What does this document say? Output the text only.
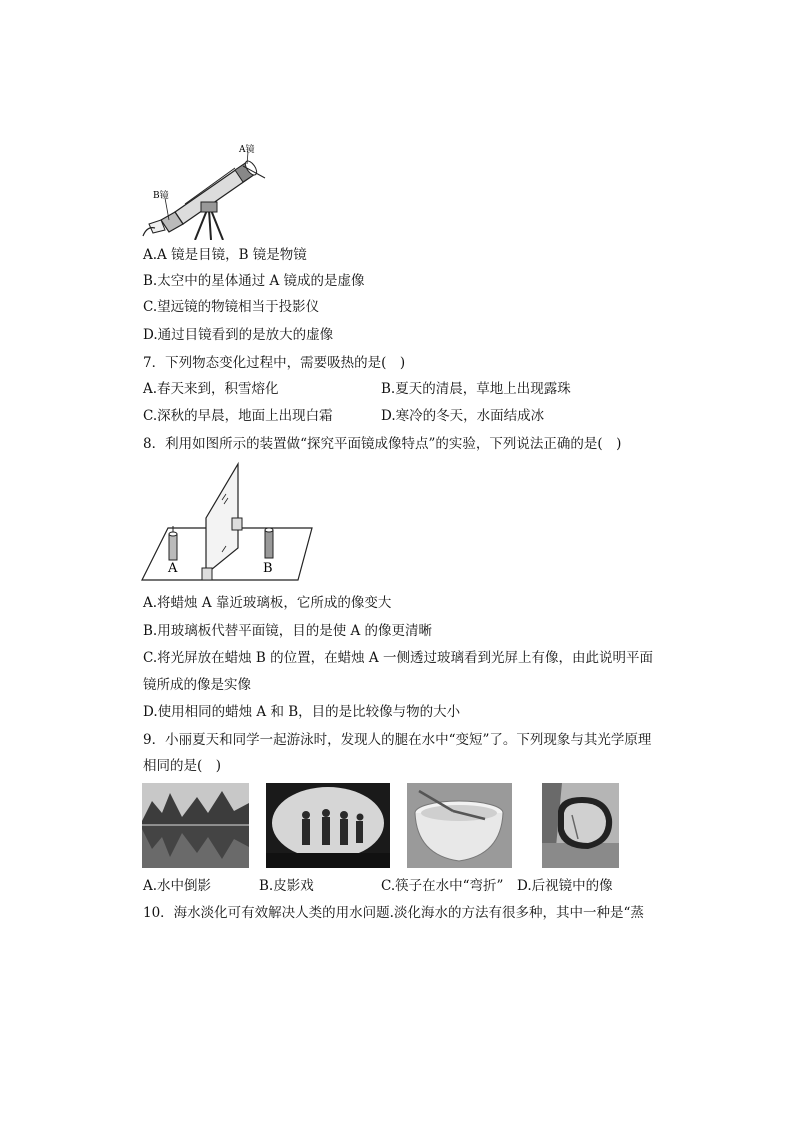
A镜
B镜
A.A 镜是目镜，B 镜是物镜
B.太空中的星体通过 A 镜成的是虚像
C.望远镜的物镜相当于投影仪
D.通过目镜看到的是放大的虚像
7．下列物态变化过程中，需要吸热的是(　)
A.春天来到，积雪熔化	B.夏天的清晨，草地上出现露珠
C.深秋的早晨，地面上出现白霜	D.寒冷的冬天，水面结成冰
8．利用如图所示的装置做“探究平面镜成像特点”的实验，下列说法正确的是(　)
A	B
A.将蜡烛 A 靠近玻璃板，它所成的像变大
B.用玻璃板代替平面镜，目的是使 A 的像更清晰
C.将光屏放在蜡烛 B 的位置，在蜡烛 A 一侧透过玻璃看到光屏上有像，由此说明平面
镜所成的像是实像
D.使用相同的蜡烛 A 和 B，目的是比较像与物的大小
9．小丽夏天和同学一起游泳时，发现人的腿在水中“变短”了。下列现象与其光学原理
相同的是(　)
A.水中倒影	B.皮影戏	C.筷子在水中“弯折” D.后视镜中的像
10．海水淡化可有效解决人类的用水问题.淡化海水的方法有很多种，其中一种是“蒸
